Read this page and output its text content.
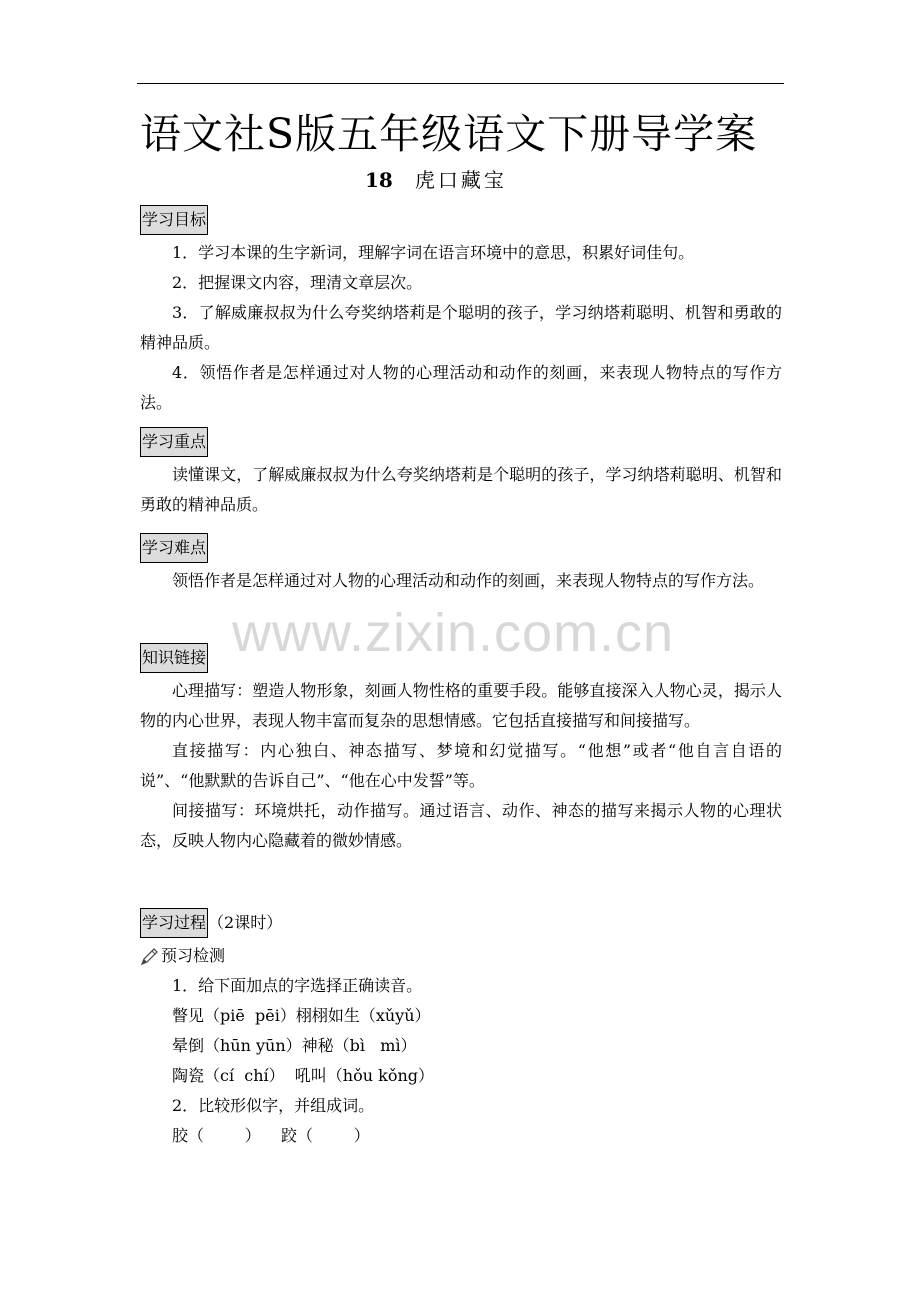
语文社S版五年级语文下册导学案
18 虎口藏宝
学习目标

1．学习本课的生字新词，理解字词在语言环境中的意思，积累好词佳句。

2．把握课文内容，理清文章层次。

3．了解威廉叔叔为什么夸奖纳塔莉是个聪明的孩子，学习纳塔莉聪明、机智和勇敢的精神品质。

4．领悟作者是怎样通过对人物的心理活动和动作的刻画，来表现人物特点的写作方法。

学习重点

读懂课文，了解威廉叔叔为什么夸奖纳塔莉是个聪明的孩子，学习纳塔莉聪明、机智和勇敢的精神品质。

学习难点

领悟作者是怎样通过对人物的心理活动和动作的刻画，来表现人物特点的写作方法。

www.zixin.com.cn
知识链接

心理描写：塑造人物形象，刻画人物性格的重要手段。能够直接深入人物心灵，揭示人物的内心世界，表现人物丰富而复杂的思想情感。它包括直接描写和间接描写。

直接描写：内心独白、神态描写、梦境和幻觉描写。“他想”或者“他自言自语的说”、“他默默的告诉自己”、“他在心中发誓”等。

间接描写：环境烘托，动作描写。通过语言、动作、神态的描写来揭示人物的心理状态，反映人物内心隐藏着的微妙情感。

学习过程 （2课时）
预习检测

1．给下面加点的字选择正确读音。

瞥见（piē  pēi）栩栩如生（xǔyǔ）

晕倒（hūn yūn）神秘（bì   mì）

陶瓷（cí  chí）  吼叫（hǒu kǒng）

2．比较形似字，并组成词。

胶（        ）    跤（        ）
